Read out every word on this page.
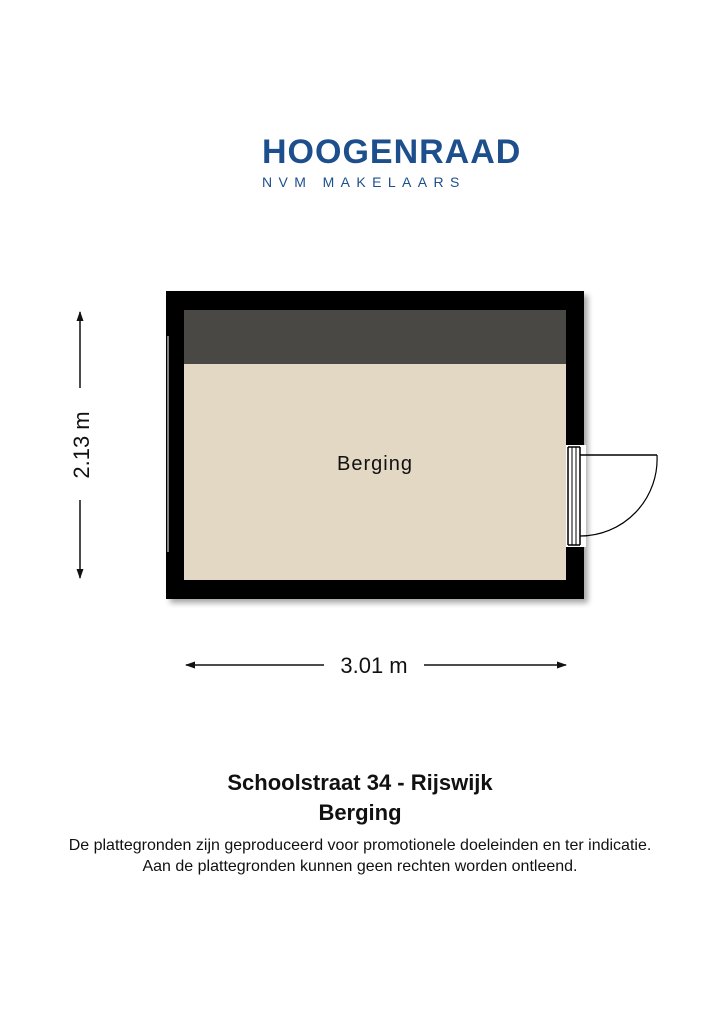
HOOGENRAAD
NVM MAKELAARS
Berging
2.13 m
3.01 m
Schoolstraat 34 - Rijswijk
Berging
De plattegronden zijn geproduceerd voor promotionele doeleinden en ter indicatie.
Aan de plattegronden kunnen geen rechten worden ontleend.
